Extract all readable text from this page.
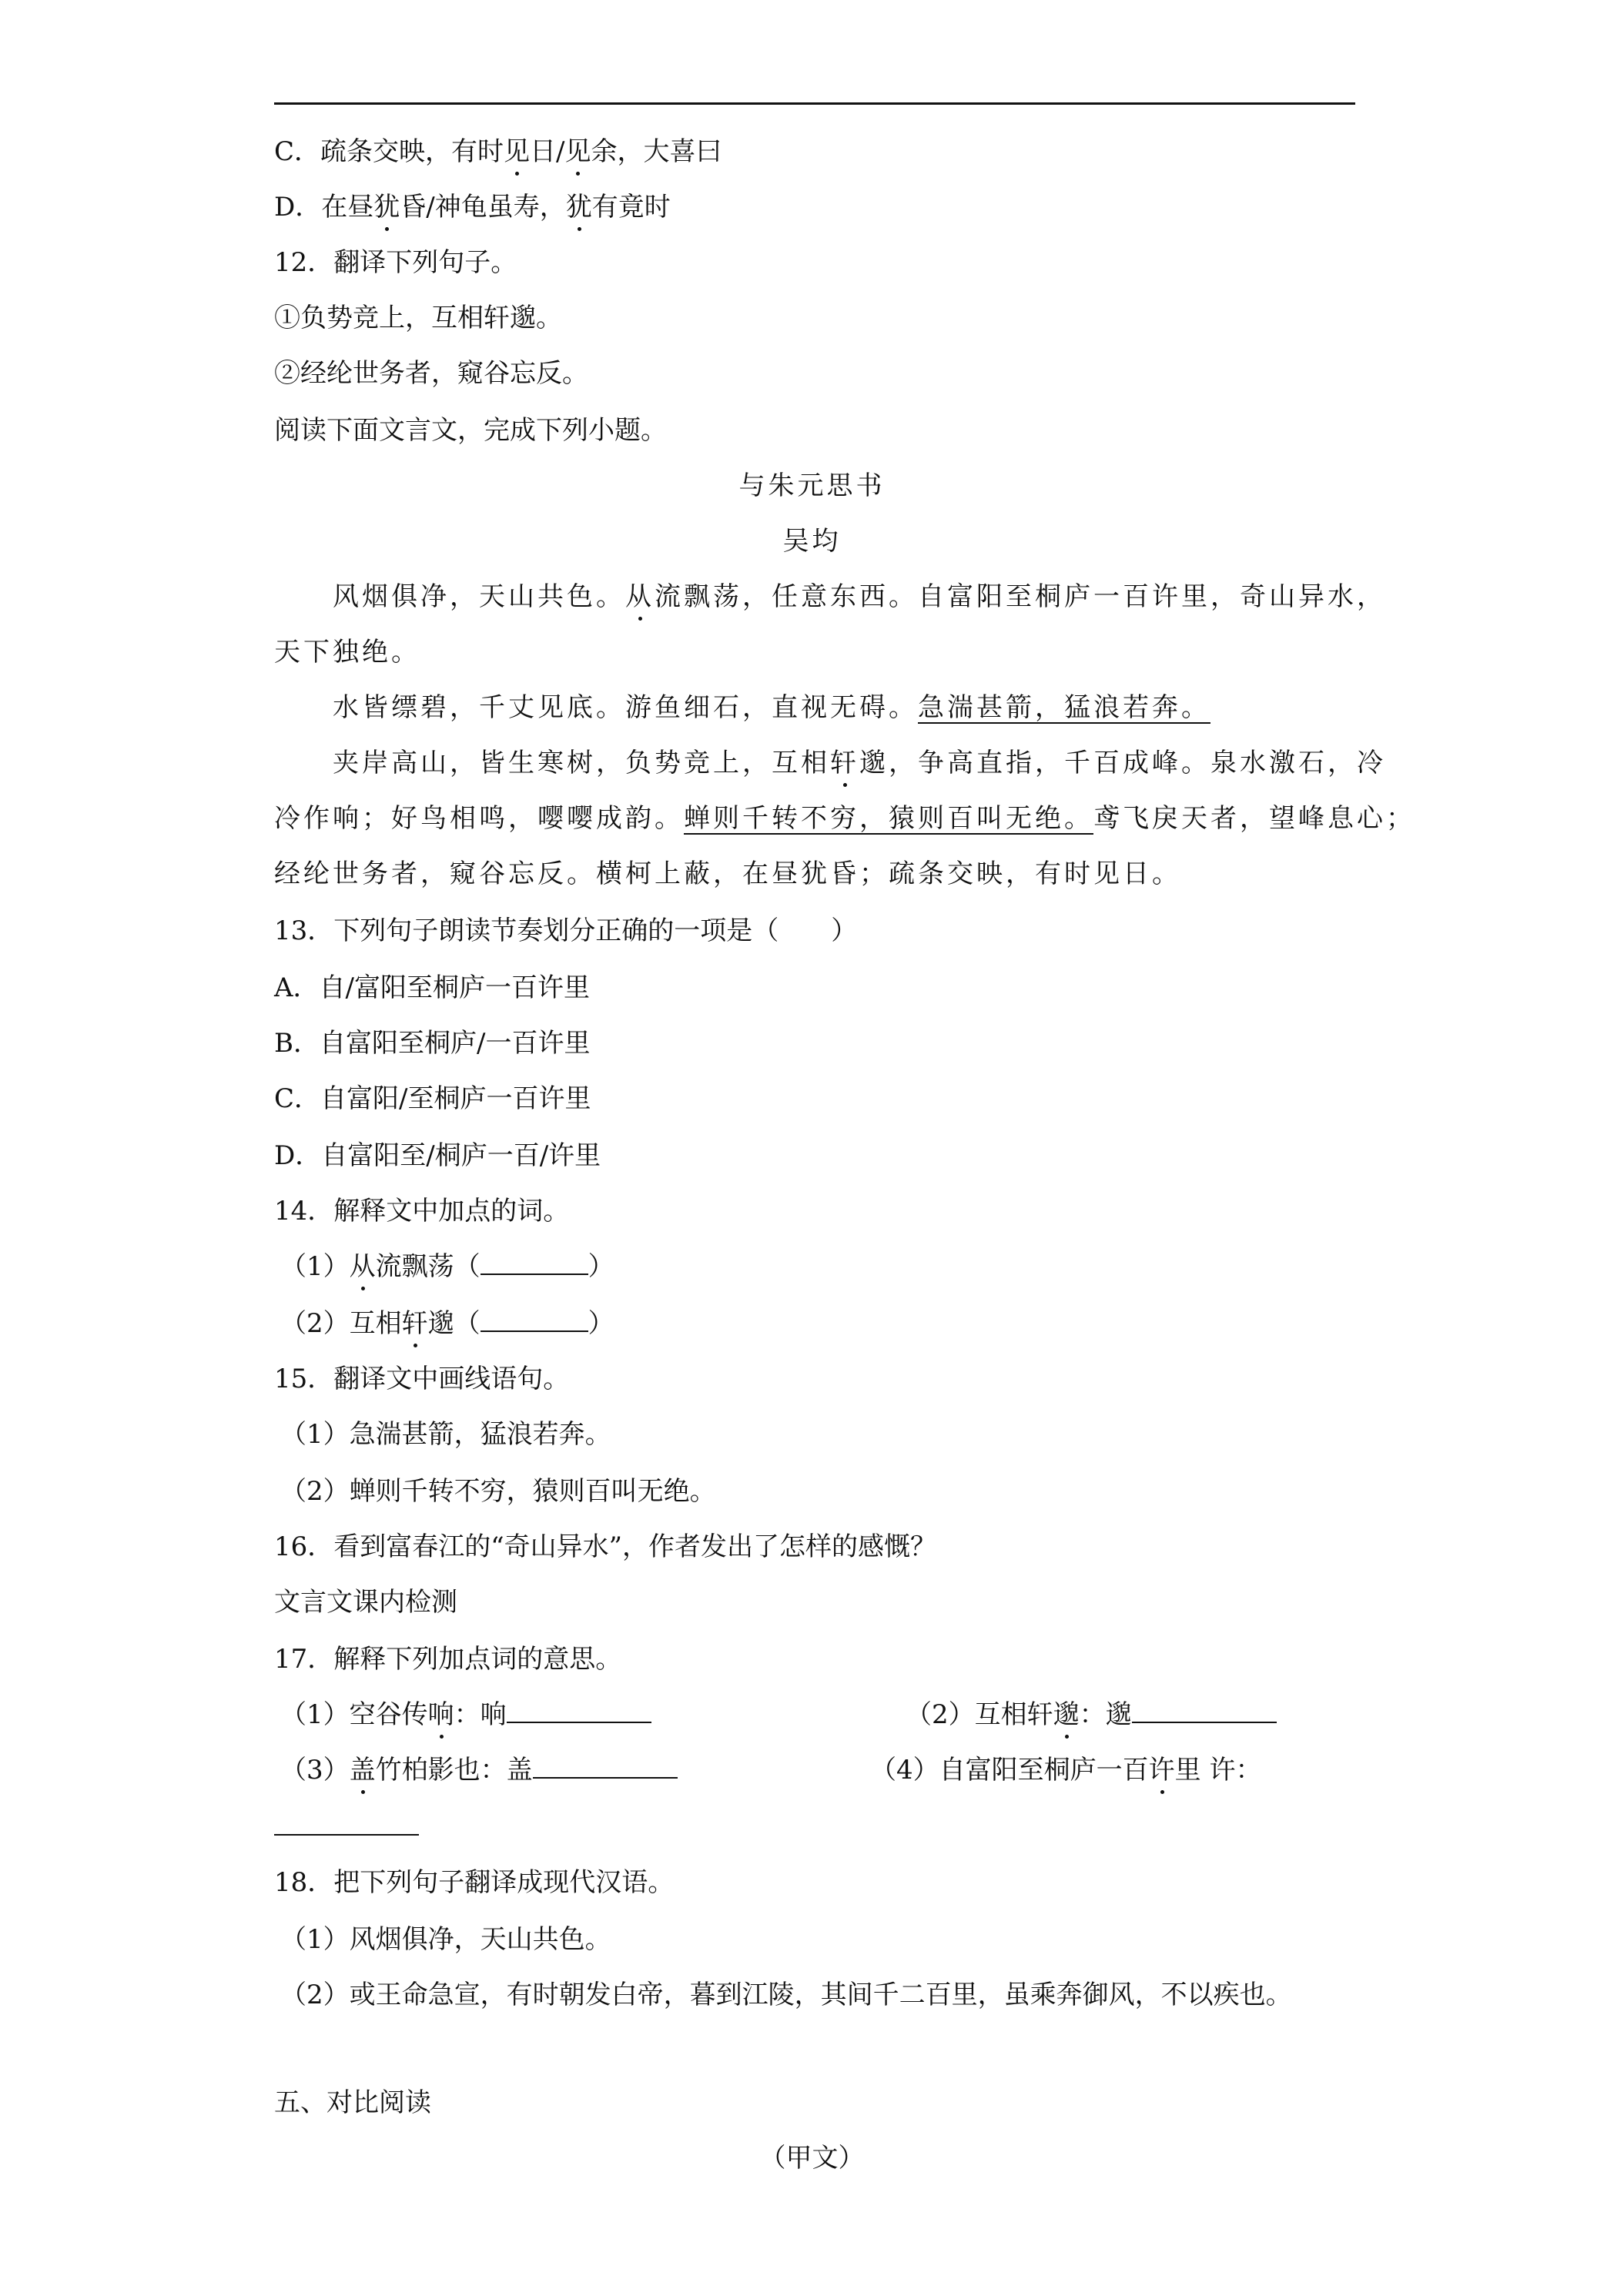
C．疏条交映，有时见日/见余，大喜曰
D．在昼犹昏/神龟虽寿，犹有竟时
12．翻译下列句子。
①负势竞上，互相轩邈。
②经纶世务者，窥谷忘反。
阅读下面文言文，完成下列小题。
与朱元思书
吴均
风烟俱净，天山共色。从流飘荡，任意东西。自富阳至桐庐一百许里，奇山异水，
天下独绝。
水皆缥碧，千丈见底。游鱼细石，直视无碍。急湍甚箭，猛浪若奔。
夹岸高山，皆生寒树，负势竞上，互相轩邈，争高直指，千百成峰。泉水激石，冷
冷作响；好鸟相鸣，嘤嘤成韵。蝉则千转不穷，猿则百叫无绝。鸢飞戾天者，望峰息心；
经纶世务者，窥谷忘反。横柯上蔽，在昼犹昏；疏条交映，有时见日。
13．下列句子朗读节奏划分正确的一项是（　　）
A．自/富阳至桐庐一百许里
B．自富阳至桐庐/一百许里
C．自富阳/至桐庐一百许里
D．自富阳至/桐庐一百/许里
14．解释文中加点的词。
（1）从流飘荡（	）
（2）互相轩邈（	）
15．翻译文中画线语句。
（1）急湍甚箭，猛浪若奔。
（2）蝉则千转不穷，猿则百叫无绝。
16．看到富春江的“奇山异水”，作者发出了怎样的感慨？
文言文课内检测
17．解释下列加点词的意思。
（1）空谷传响：响	（2）互相轩邈：邈
（3）盖竹柏影也：盖	（4）自富阳至桐庐一百许里 许：
18．把下列句子翻译成现代汉语。
（1）风烟俱净，天山共色。
（2）或王命急宣，有时朝发白帝，暮到江陵，其间千二百里，虽乘奔御风，不以疾也。
五、对比阅读
（甲文）
